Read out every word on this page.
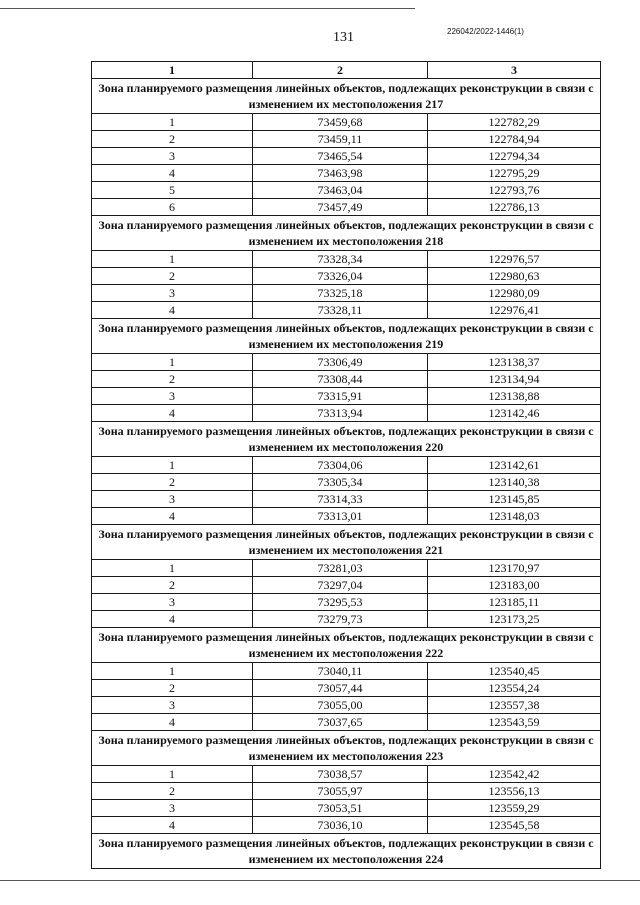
131	226042/2022-1446(1)
1	2	3
Зона планируемого размещения линейных объектов, подлежащих реконструкции в связи с изменением их местоположения 217		
1	73459,68	122782,29
2	73459,11	122784,94
3	73465,54	122794,34
4	73463,98	122795,29
5	73463,04	122793,76
6	73457,49	122786,13
Зона планируемого размещения линейных объектов, подлежащих реконструкции в связи с изменением их местоположения 218		
1	73328,34	122976,57
2	73326,04	122980,63
3	73325,18	122980,09
4	73328,11	122976,41
Зона планируемого размещения линейных объектов, подлежащих реконструкции в связи с изменением их местоположения 219		
1	73306,49	123138,37
2	73308,44	123134,94
3	73315,91	123138,88
4	73313,94	123142,46
Зона планируемого размещения линейных объектов, подлежащих реконструкции в связи с изменением их местоположения 220		
1	73304,06	123142,61
2	73305,34	123140,38
3	73314,33	123145,85
4	73313,01	123148,03
Зона планируемого размещения линейных объектов, подлежащих реконструкции в связи с изменением их местоположения 221		
1	73281,03	123170,97
2	73297,04	123183,00
3	73295,53	123185,11
4	73279,73	123173,25
Зона планируемого размещения линейных объектов, подлежащих реконструкции в связи с изменением их местоположения 222		
1	73040,11	123540,45
2	73057,44	123554,24
3	73055,00	123557,38
4	73037,65	123543,59
Зона планируемого размещения линейных объектов, подлежащих реконструкции в связи с изменением их местоположения 223		
1	73038,57	123542,42
2	73055,97	123556,13
3	73053,51	123559,29
4	73036,10	123545,58
Зона планируемого размещения линейных объектов, подлежащих реконструкции в связи с изменением их местоположения 224		
